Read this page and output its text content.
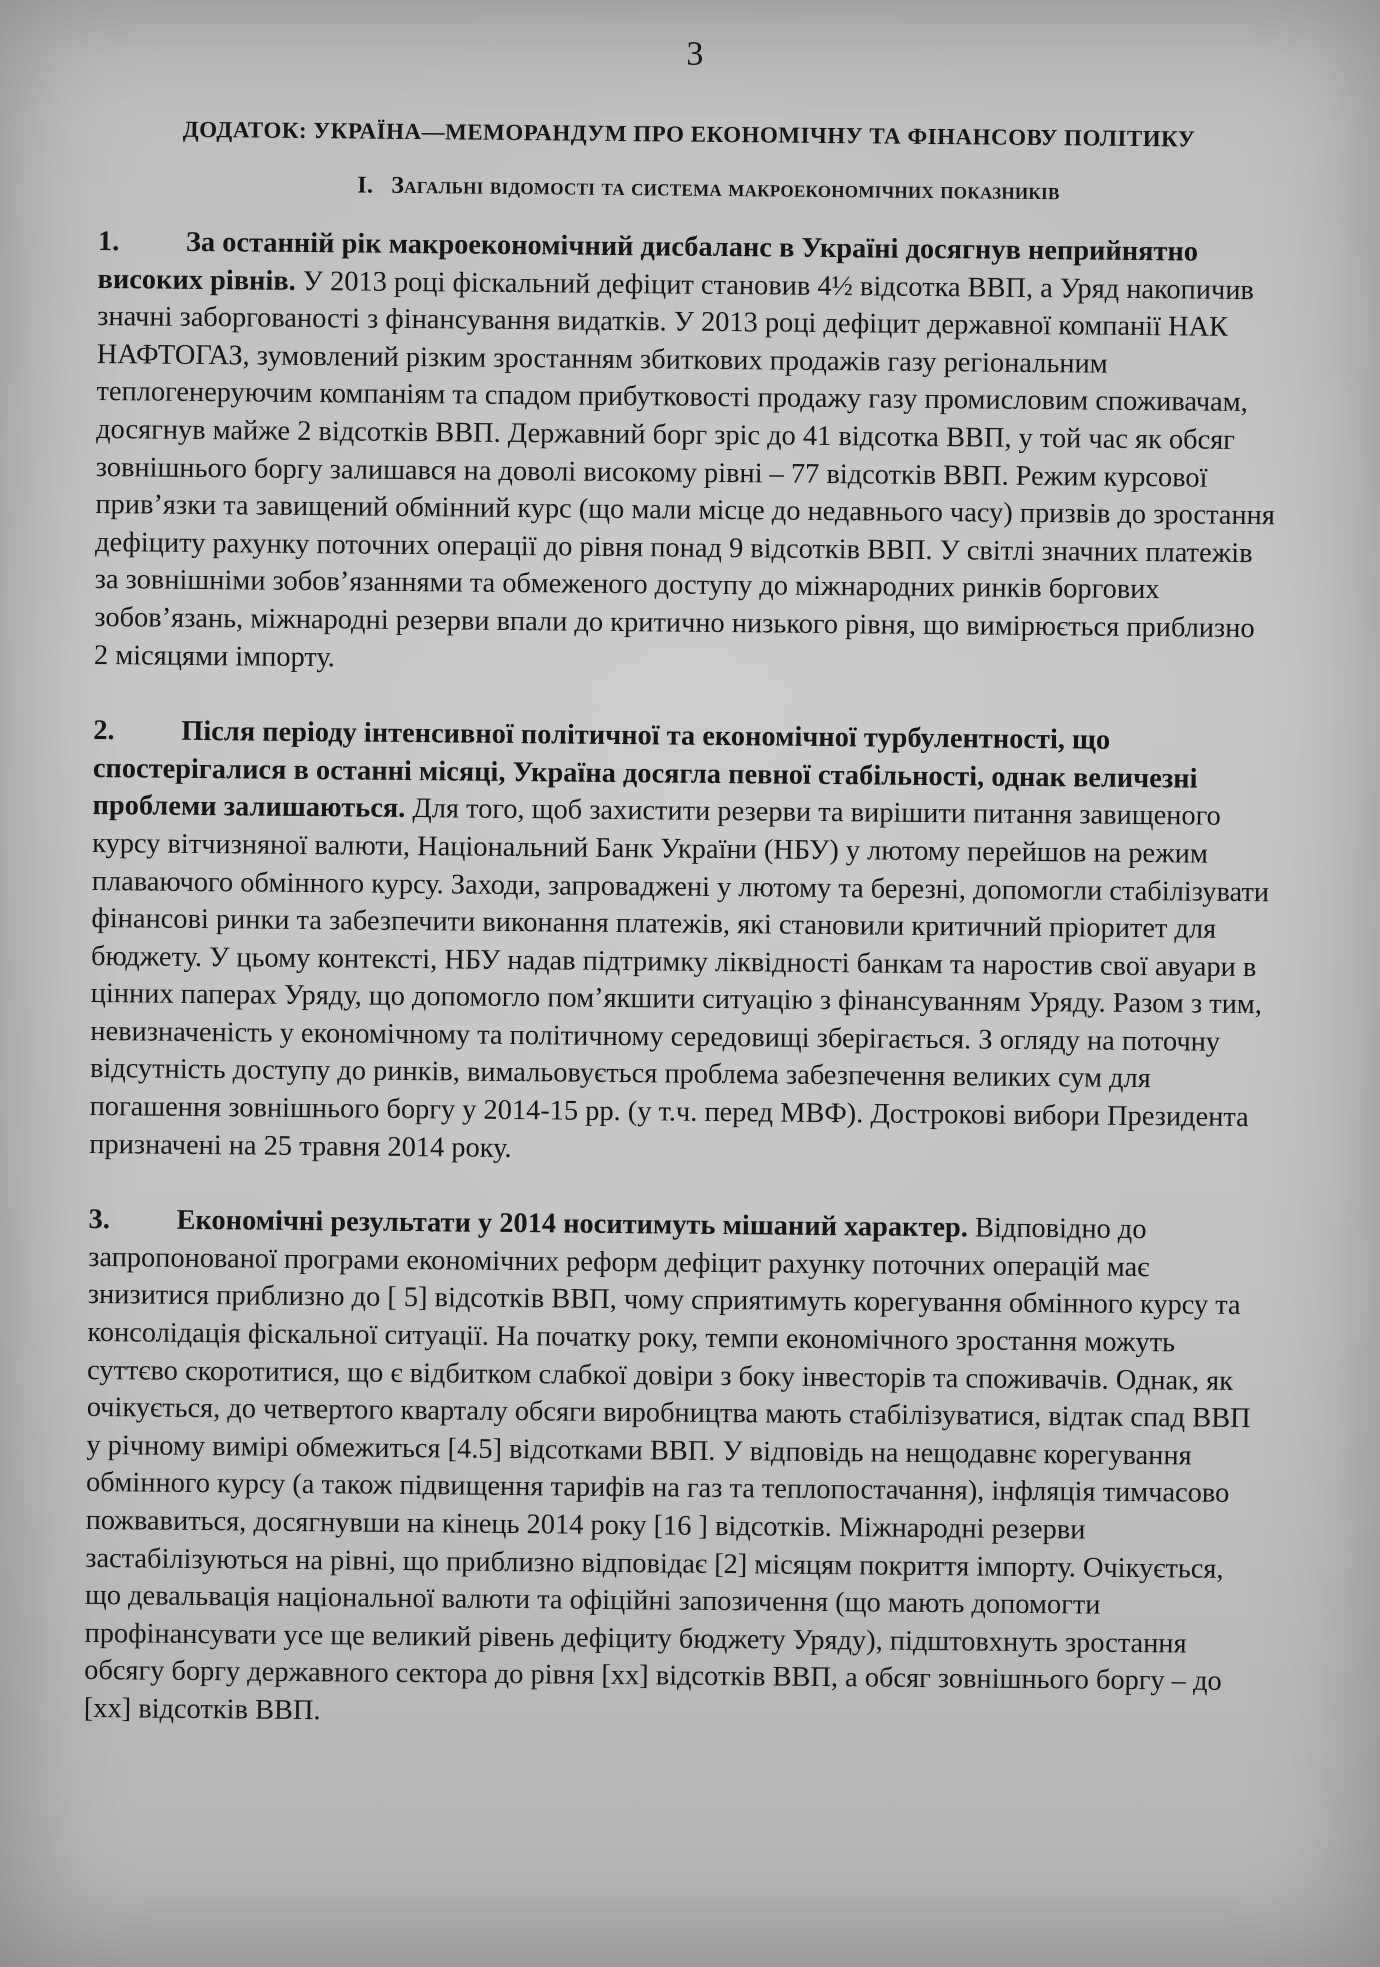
3
ДОДАТОК: УКРАЇНА—МЕМОРАНДУМ ПРО ЕКОНОМІЧНУ ТА ФІНАНСОВУ ПОЛІТИКУ
I. Загальні відомості та система макроекономічних показників

1. За останній рік макроекономічний дисбаланс в Україні досягнув неприйнятно високих рівнів. У 2013 році фіскальний дефіцит становив 4½ відсотка ВВП, а Уряд накопичив значні заборгованості з фінансування видатків. У 2013 році дефіцит державної компанії НАК НАФТОГАЗ, зумовлений різким зростанням збиткових продажів газу регіональним теплогенеруючим компаніям та спадом прибутковості продажу газу промисловим споживачам, досягнув майже 2 відсотків ВВП. Державний борг зріс до 41 відсотка ВВП, у той час як обсяг зовнішнього боргу залишався на доволі високому рівні – 77 відсотків ВВП. Режим курсової прив’язки та завищений обмінний курс (що мали місце до недавнього часу) призвів до зростання дефіциту рахунку поточних операції до рівня понад 9 відсотків ВВП. У світлі значних платежів за зовнішніми зобов’язаннями та обмеженого доступу до міжнародних ринків боргових зобов’язань, міжнародні резерви впали до критично низького рівня, що вимірюється приблизно 2 місяцями імпорту.

2. Після періоду інтенсивної політичної та економічної турбулентності, що спостерігалися в останні місяці, Україна досягла певної стабільності, однак величезні проблеми залишаються. Для того, щоб захистити резерви та вирішити питання завищеного курсу вітчизняної валюти, Національний Банк України (НБУ) у лютому перейшов на режим плаваючого обмінного курсу. Заходи, запроваджені у лютому та березні, допомогли стабілізувати фінансові ринки та забезпечити виконання платежів, які становили критичний пріоритет для бюджету. У цьому контексті, НБУ надав підтримку ліквідності банкам та наростив свої авуари в цінних паперах Уряду, що допомогло пом’якшити ситуацію з фінансуванням Уряду. Разом з тим, невизначеність у економічному та політичному середовищі зберігається. З огляду на поточну відсутність доступу до ринків, вимальовується проблема забезпечення великих сум для погашення зовнішнього боргу у 2014-15 рр. (у т.ч. перед МВФ). Дострокові вибори Президента призначені на 25 травня 2014 року.

3. Економічні результати у 2014 носитимуть мішаний характер. Відповідно до запропонованої програми економічних реформ дефіцит рахунку поточних операцій має знизитися приблизно до [ 5] відсотків ВВП, чому сприятимуть корегування обмінного курсу та консолідація фіскальної ситуації. На початку року, темпи економічного зростання можуть суттєво скоротитися, що є відбитком слабкої довіри з боку інвесторів та споживачів. Однак, як очікується, до четвертого кварталу обсяги виробництва мають стабілізуватися, відтак спад ВВП у річному вимірі обмежиться [4.5] відсотками ВВП. У відповідь на нещодавнє корегування обмінного курсу (а також підвищення тарифів на газ та теплопостачання), інфляція тимчасово пожвавиться, досягнувши на кінець 2014 року [16 ] відсотків. Міжнародні резерви застабілізуються на рівні, що приблизно відповідає [2] місяцям покриття імпорту. Очікується, що девальвація національної валюти та офіційні запозичення (що мають допомогти профінансувати усе ще великий рівень дефіциту бюджету Уряду), підштовхнуть зростання обсягу боргу державного сектора до рівня [xx] відсотків ВВП, а обсяг зовнішнього боргу – до [xx] відсотків ВВП.
